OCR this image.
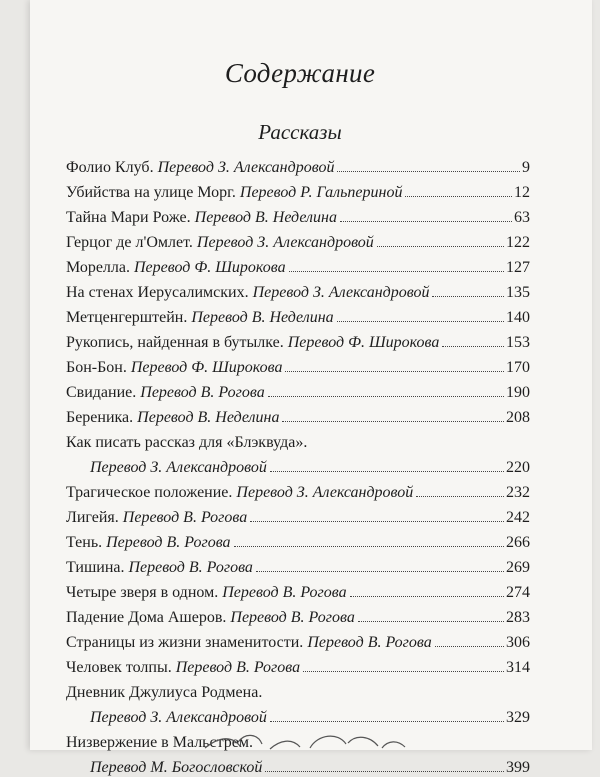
Содержание
Рассказы
Фолио Клуб. Перевод З. Александровой	9
Убийства на улице Морг. Перевод Р. Гальпериной	12
Тайна Мари Роже. Перевод В. Неделина	63
Герцог де л'Омлет. Перевод З. Александровой	122
Морелла. Перевод Ф. Широкова	127
На стенах Иерусалимских. Перевод З. Александровой	135
Метценгерштейн. Перевод В. Неделина	140
Рукопись, найденная в бутылке. Перевод Ф. Широкова	153
Бон-Бон. Перевод Ф. Широкова	170
Свидание. Перевод В. Рогова	190
Береника. Перевод В. Неделина	208
Как писать рассказ для «Блэквуда».
Перевод З. Александровой	220
Трагическое положение. Перевод З. Александровой	232
Лигейя. Перевод В. Рогова	242
Тень. Перевод В. Рогова	266
Тишина. Перевод В. Рогова	269
Четыре зверя в одном. Перевод В. Рогова	274
Падение Дома Ашеров. Перевод В. Рогова	283
Страницы из жизни знаменитости. Перевод В. Рогова	306
Человек толпы. Перевод В. Рогова	314
Дневник Джулиуса Родмена.
Перевод З. Александровой	329
Низвержение в Мальстрем.
Перевод М. Богословской	399
